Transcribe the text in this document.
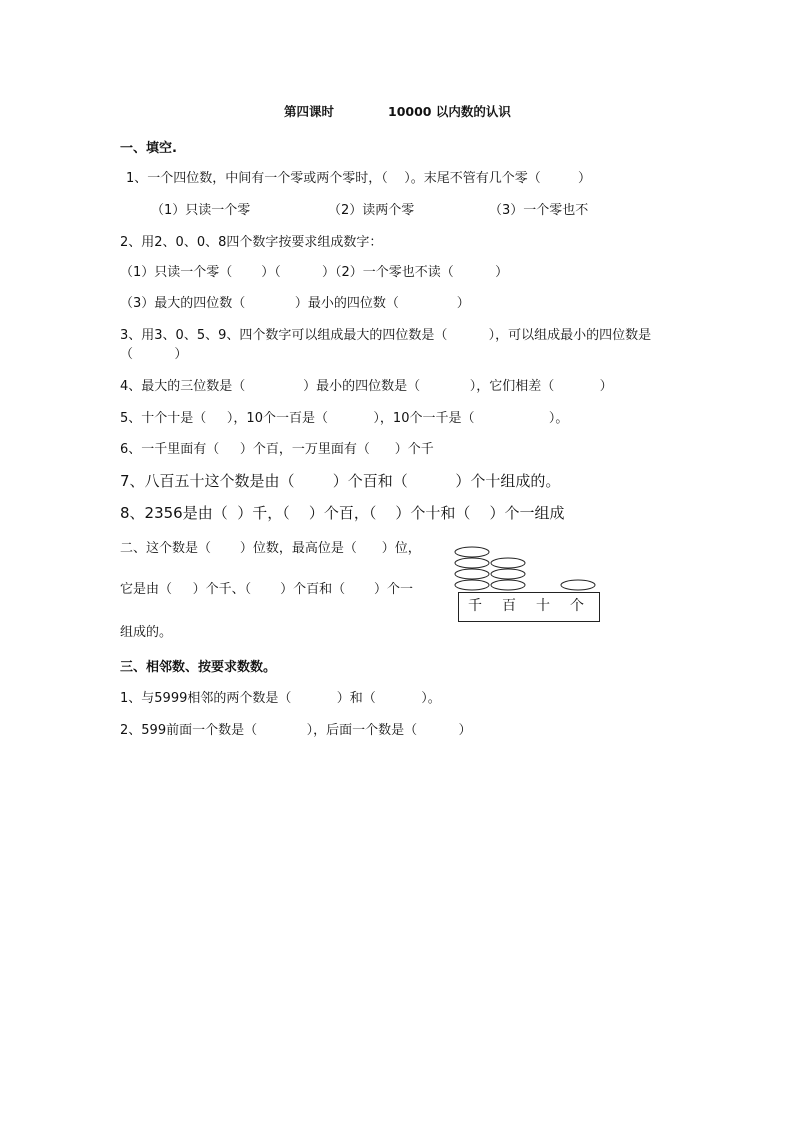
第四课时	10000 以内数的认识
一、填空.
1、一个四位数，中间有一个零或两个零时，（    ）。末尾不管有几个零（         ）
（1）只读一个零	（2）读两个零	（3）一个零也不
2、用2、0、0、8四个数字按要求组成数字：
（1）只读一个零（       ）（          ）（2）一个零也不读（          ）
（3）最大的四位数（            ）最小的四位数（              ）
3、用3、0、5、9、四个数字可以组成最大的四位数是（          ），可以组成最小的四位数是
（          ）
4、最大的三位数是（              ）最小的四位数是（            ），它们相差（           ）
5、十个十是（     ），10个一百是（           ），10个一千是（                  ）。
6、一千里面有（     ）个百，一万里面有（      ）个千
7、八百五十这个数是由（        ）个百和（          ）个十组成的。
8、2356是由（  ）千，（    ）个百，（    ）个十和（    ）个一组成
二、这个数是（       ）位数，最高位是（      ）位，
它是由（     ）个千、（       ）个百和（       ）个一
组成的。
千 百 十 个
三、相邻数、按要求数数。
1、与5999相邻的两个数是（           ）和（           ）。
2、599前面一个数是（            ），后面一个数是（          ）
